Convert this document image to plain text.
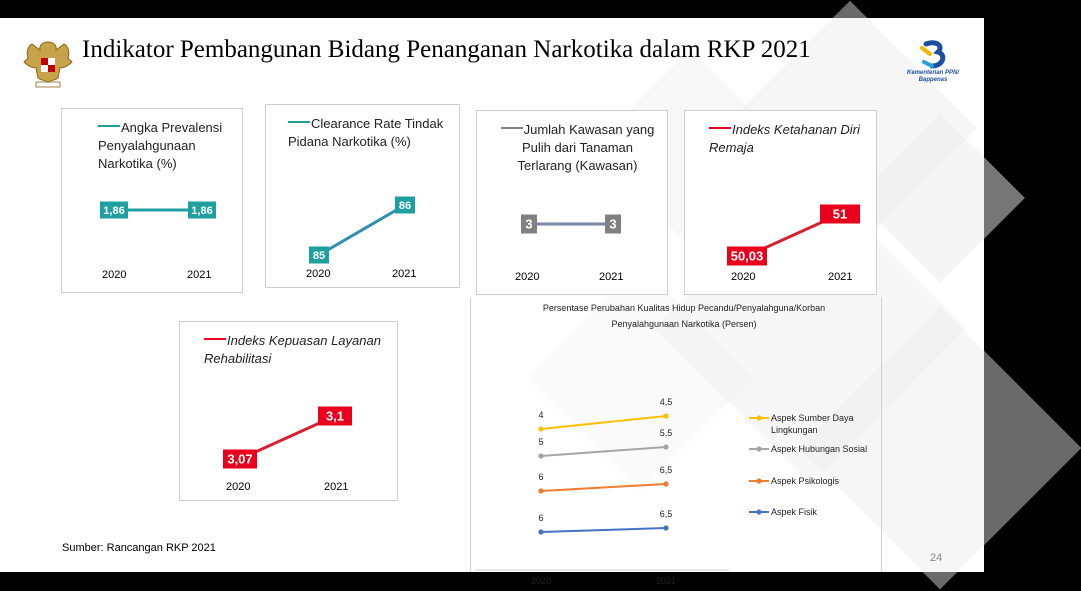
Indikator Pembangunan Bidang Penanganan Narkotika dalam RKP 2021
Kementerian PPN/
Bappenas
Angka Prevalensi Penyalahgunaan Narkotika (%)
1,86	1,86
2020	2021
Clearance Rate Tindak Pidana Narkotika (%)
85
86
2020	2021
Jumlah Kawasan yang Pulih dari Tanaman Terlarang (Kawasan)
3	3
2020	2021
Indeks Ketahanan Diri Remaja
50,03
51
2020	2021
Indeks Kepuasan Layanan Rehabilitasi
3,07
3,1
2020	2021
Persentase Perubahan Kualitas Hidup Pecandu/Penyalahguna/Korban Penyalahgunaan Narkotika (Persen)
2020	2021
4
4,5
Aspek Sumber Daya Lingkungan
5
5,5
Aspek Hubungan Sosial
6
6,5
Aspek Psikologis
6	6,5	Aspek Fisik
Sumber: Rancangan RKP 2021
24
